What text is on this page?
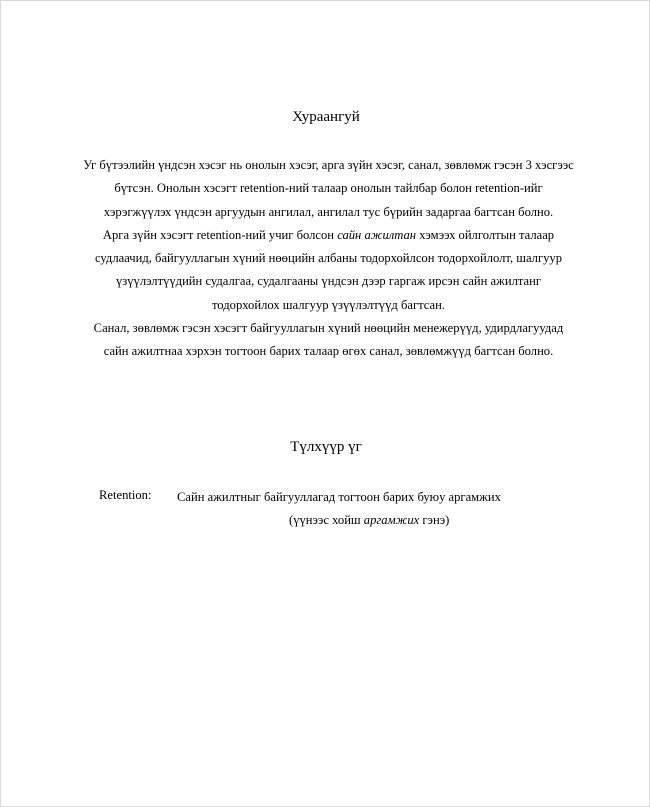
Хураангуй

Уг бүтээлийн үндсэн хэсэг нь онолын хэсэг, арга зүйн хэсэг, санал, зөвлөмж гэсэн 3 хэсгээс бүтсэн. Онолын хэсэгт retention-ний талаар онолын тайлбар болон retention-ийг хэрэгжүүлэх үндсэн аргуудын ангилал, ангилал тус бүрийн задаргаа багтсан болно.

Арга зүйн хэсэгт retention-ний учиг болсон сайн ажилтан хэмээх ойлголтын талаар судлаачид, байгууллагын хүний нөөцийн албаны тодорхойлсон тодорхойлолт, шалгуур үзүүлэлтүүдийн судалгаа, судалгааны үндсэн дээр гаргаж ирсэн сайн ажилтанг тодорхойлох шалгуур үзүүлэлтүүд багтсан.

Санал, зөвлөмж гэсэн хэсэгт байгууллагын хүний нөөцийн менежерүүд, удирдлагуудад сайн ажилтнаа хэрхэн тогтоон барих талаар өгөх санал, зөвлөмжүүд багтсан болно.

Түлхүүр үг
Retention: Сайн ажилтныг байгууллагад тогтоон барих буюу аргамжих
(үүнээс хойш аргамжих гэнэ)
